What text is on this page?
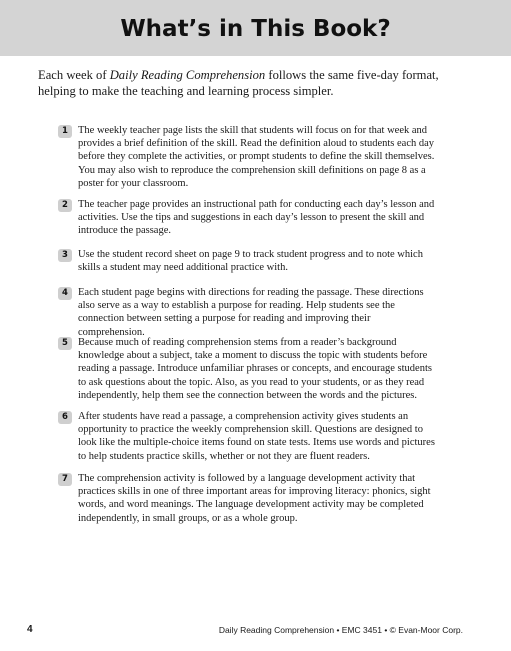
What’s in This Book?

Each week of Daily Reading Comprehension follows the same five-day format, helping to make the teaching and learning process simpler.

1 The weekly teacher page lists the skill that students will focus on for that week and provides a brief definition of the skill. Read the definition aloud to students each day before they complete the activities, or prompt students to define the skill themselves. You may also wish to reproduce the comprehension skill definitions on page 8 as a poster for your classroom.
2 The teacher page provides an instructional path for conducting each day’s lesson and activities. Use the tips and suggestions in each day’s lesson to present the skill and introduce the passage.
3 Use the student record sheet on page 9 to track student progress and to note which skills a student may need additional practice with.
4 Each student page begins with directions for reading the passage. These directions also serve as a way to establish a purpose for reading. Help students see the connection between setting a purpose for reading and improving their comprehension.
5 Because much of reading comprehension stems from a reader’s background knowledge about a subject, take a moment to discuss the topic with students before reading a passage. Introduce unfamiliar phrases or concepts, and encourage students to ask questions about the topic. Also, as you read to your students, or as they read independently, help them see the connection between the words and the pictures.
6 After students have read a passage, a comprehension activity gives students an opportunity to practice the weekly comprehension skill. Questions are designed to look like the multiple-choice items found on state tests. Items use words and pictures to help students practice skills, whether or not they are fluent readers.
7 The comprehension activity is followed by a language development activity that practices skills in one of three important areas for improving literacy: phonics, sight words, and word meanings. The language development activity may be completed independently, in small groups, or as a whole group.
4	Daily Reading Comprehension • EMC 3451 • © Evan-Moor Corp.
